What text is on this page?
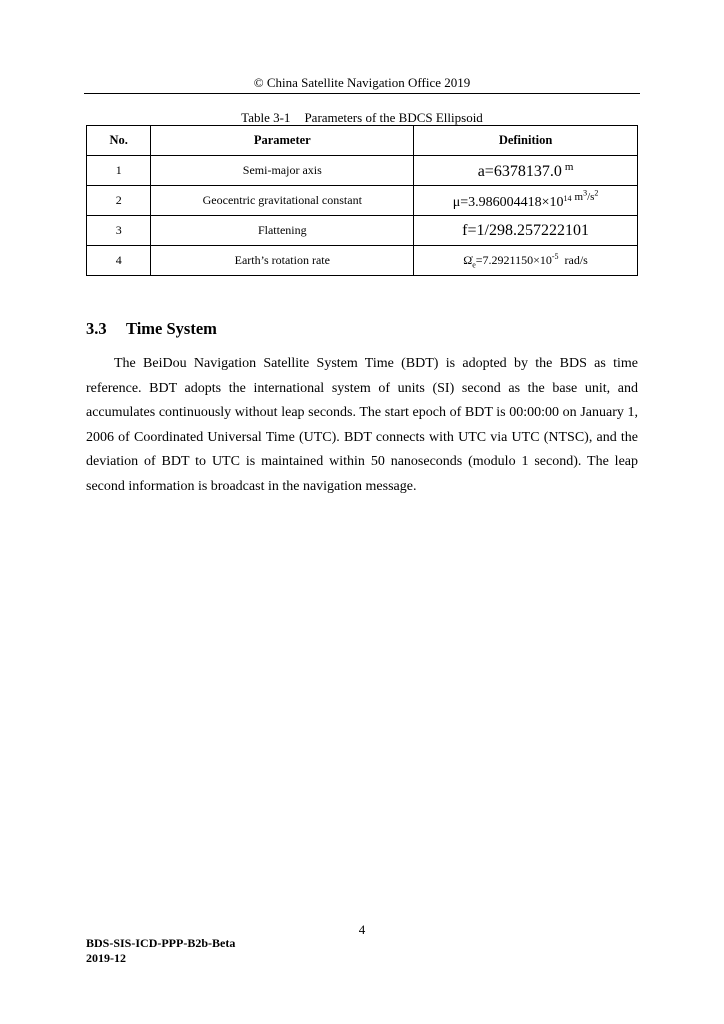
© China Satellite Navigation Office 2019
Table 3-1 Parameters of the BDCS Ellipsoid
No.	Parameter	Definition
1	Semi-major axis	a=6378137.0 m
2	Geocentric gravitational constant	$\mu=3.986004418\times 10^{14}$ $m^3/s^2$
3	Flattening	f=1/298.257222101
4	Earth’s rotation rate	$\Omegȧ_e=7.2921150\times 10^{-5}$ rad/s
3.3 Time System
The BeiDou Navigation Satellite System Time (BDT) is adopted by the BDS as time reference. BDT adopts the international system of units (SI) second as the base unit, and accumulates continuously without leap seconds. The start epoch of BDT is 00:00:00 on January 1, 2006 of Coordinated Universal Time (UTC). BDT connects with UTC via UTC (NTSC), and the deviation of BDT to UTC is maintained within 50 nanoseconds (modulo 1 second). The leap second information is broadcast in the navigation message.
4
BDS-SIS-ICD-PPP-B2b-Beta
2019-12
